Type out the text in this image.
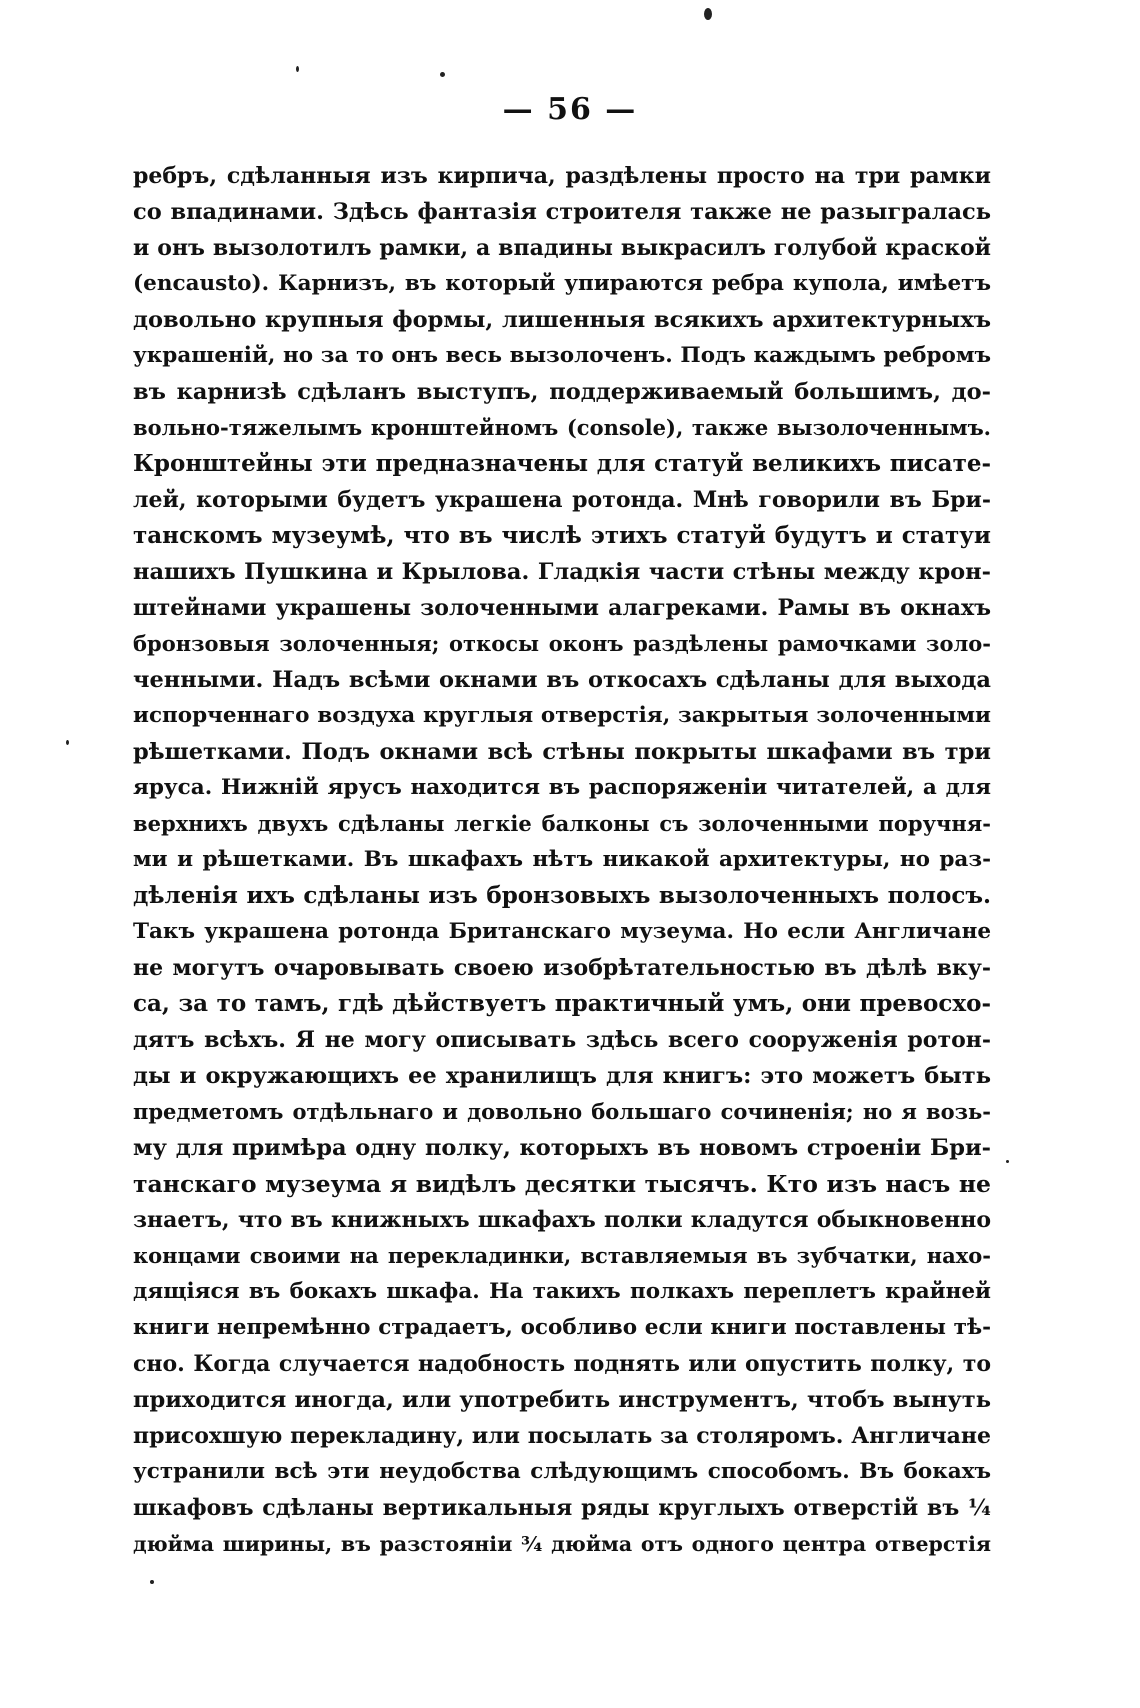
— 56 —
ребръ, сдѣланныя изъ кирпича, раздѣлены просто на три рамки
со впадинами. Здѣсь фантазія строителя также не разыгралась
и онъ вызолотилъ рамки, а впадины выкрасилъ голубой краской
(encausto). Карнизъ, въ который упираются ребра купола, имѣетъ
довольно крупныя формы, лишенныя всякихъ архитектурныхъ
украшеній, но за то онъ весь вызолоченъ. Подъ каждымъ ребромъ
въ карнизѣ сдѣланъ выступъ, поддерживаемый большимъ, до-
вольно-тяжелымъ кронштейномъ (console), также вызолоченнымъ.
Кронштейны эти предназначены для статуй великихъ писате-
лей, которыми будетъ украшена ротонда. Мнѣ говорили въ Бри-
танскомъ музеумѣ, что въ числѣ этихъ статуй будутъ и статуи
нашихъ Пушкина и Крылова. Гладкія части стѣны между крон-
штейнами украшены золоченными алагреками. Рамы въ окнахъ
бронзовыя золоченныя; откосы оконъ раздѣлены рамочками золо-
ченными. Надъ всѣми окнами въ откосахъ сдѣланы для выхода
испорченнаго воздуха круглыя отверстія, закрытыя золоченными
рѣшетками. Подъ окнами всѣ стѣны покрыты шкафами въ три
яруса. Нижній ярусъ находится въ распоряженіи читателей, а для
верхнихъ двухъ сдѣланы легкіе балконы съ золоченными поручня-
ми и рѣшетками. Въ шкафахъ нѣтъ никакой архитектуры, но раз-
дѣленія ихъ сдѣланы изъ бронзовыхъ вызолоченныхъ полосъ.
Такъ украшена ротонда Британскаго музеума. Но если Англичане
не могутъ очаровывать своею изобрѣтательностью въ дѣлѣ вку-
са, за то тамъ, гдѣ дѣйствуетъ практичный умъ, они превосхо-
дятъ всѣхъ. Я не могу описывать здѣсь всего сооруженія ротон-
ды и окружающихъ ее хранилищъ для книгъ: это можетъ быть
предметомъ отдѣльнаго и довольно большаго сочиненія; но я возь-
му для примѣра одну полку, которыхъ въ новомъ строеніи Бри-
танскаго музеума я видѣлъ десятки тысячъ. Кто изъ насъ не
знаетъ, что въ книжныхъ шкафахъ полки кладутся обыкновенно
концами своими на перекладинки, вставляемыя въ зубчатки, нахо-
дящіяся въ бокахъ шкафа. На такихъ полкахъ переплетъ крайней
книги непремѣнно страдаетъ, особливо если книги поставлены тѣ-
сно. Когда случается надобность поднять или опустить полку, то
приходится иногда, или употребить инструментъ, чтобъ вынуть
присохшую перекладину, или посылать за столяромъ. Англичане
устранили всѣ эти неудобства слѣдующимъ способомъ. Въ бокахъ
шкафовъ сдѣланы вертикальныя ряды круглыхъ отверстій въ ¼
дюйма ширины, въ разстояніи ¾ дюйма отъ одного центра отверстія
